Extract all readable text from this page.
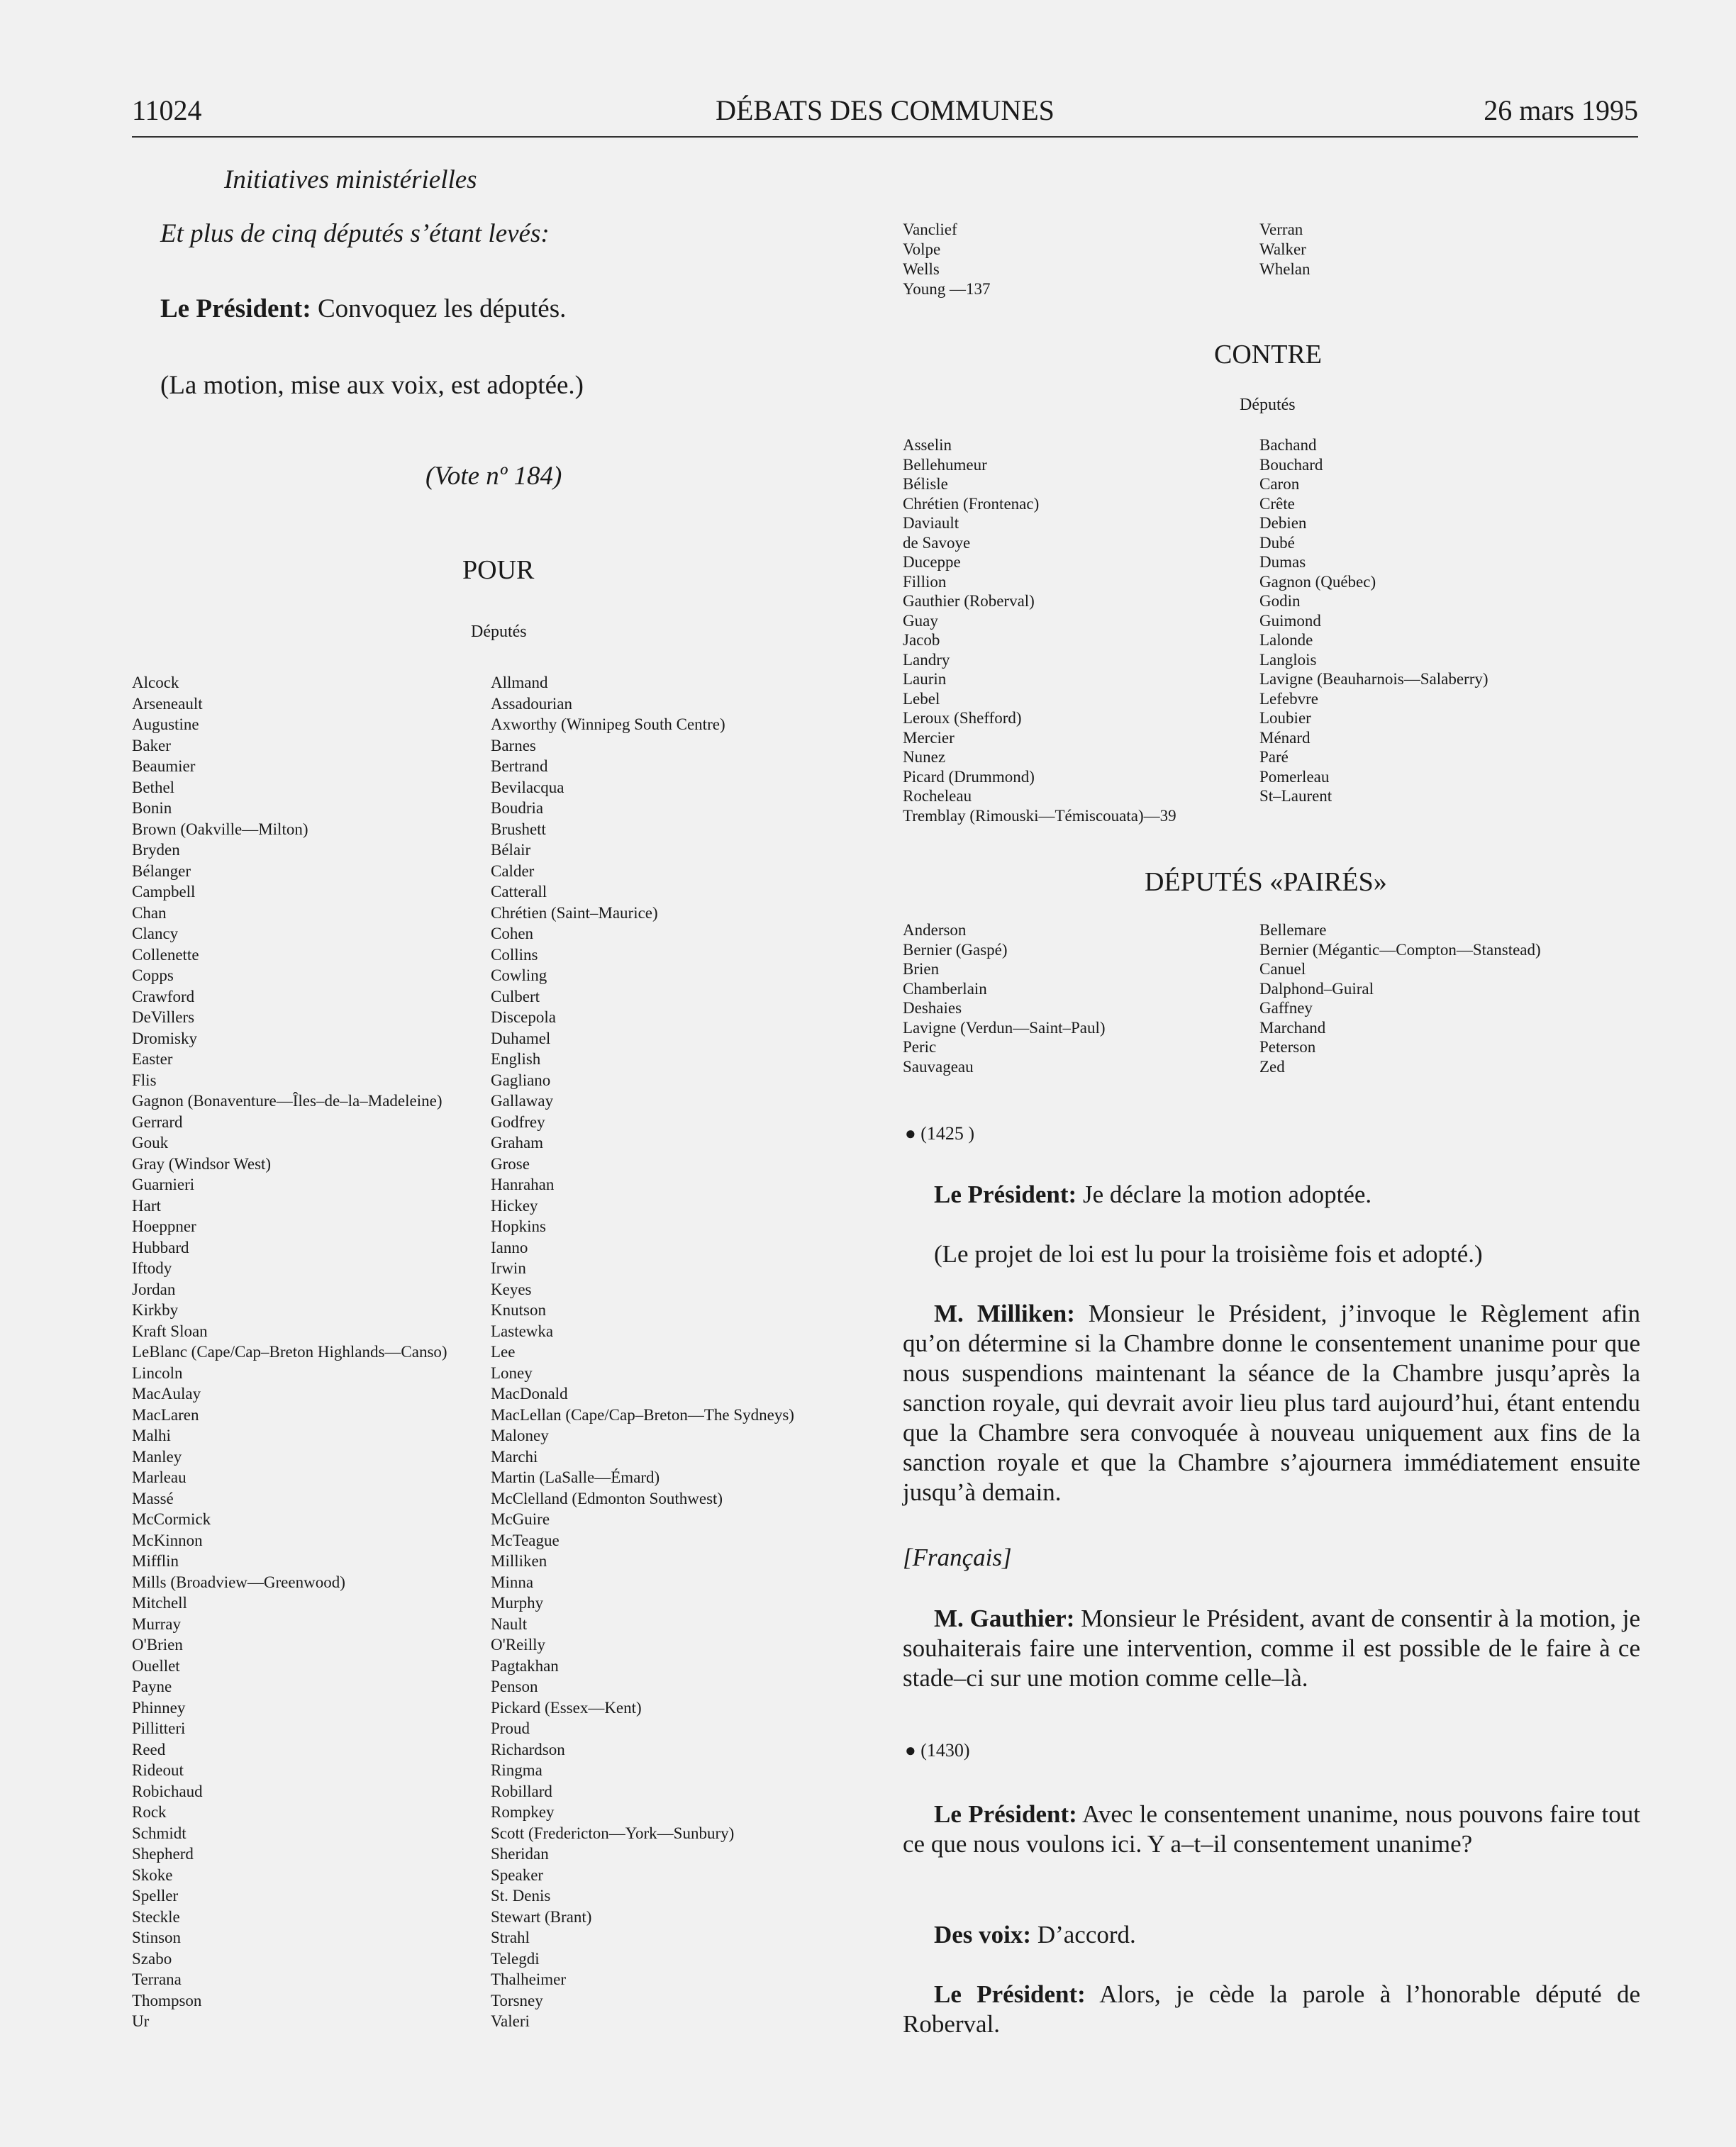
11024	DÉBATS DES COMMUNES	26 mars 1995
Initiatives ministérielles
Et plus de cinq députés s’étant levés:
Le Président: Convoquez les députés.
(La motion, mise aux voix, est adoptée.)
(Vote nº 184)
POUR
Députés
Alcock
Arseneault
Augustine
Baker
Beaumier
Bethel
Bonin
Brown (Oakville—Milton)
Bryden
Bélanger
Campbell
Chan
Clancy
Collenette
Copps
Crawford
DeVillers
Dromisky
Easter
Flis
Gagnon (Bonaventure—Îles–de–la–Madeleine)
Gerrard
Gouk
Gray (Windsor West)
Guarnieri
Hart
Hoeppner
Hubbard
Iftody
Jordan
Kirkby
Kraft Sloan
LeBlanc (Cape/Cap–Breton Highlands—Canso)
Lincoln
MacAulay
MacLaren
Malhi
Manley
Marleau
Massé
McCormick
McKinnon
Mifflin
Mills (Broadview—Greenwood)
Mitchell
Murray
O'Brien
Ouellet
Payne
Phinney
Pillitteri
Reed
Rideout
Robichaud
Rock
Schmidt
Shepherd
Skoke
Speller
Steckle
Stinson
Szabo
Terrana
Thompson
Ur
Allmand
Assadourian
Axworthy (Winnipeg South Centre)
Barnes
Bertrand
Bevilacqua
Boudria
Brushett
Bélair
Calder
Catterall
Chrétien (Saint–Maurice)
Cohen
Collins
Cowling
Culbert
Discepola
Duhamel
English
Gagliano
Gallaway
Godfrey
Graham
Grose
Hanrahan
Hickey
Hopkins
Ianno
Irwin
Keyes
Knutson
Lastewka
Lee
Loney
MacDonald
MacLellan (Cape/Cap–Breton—The Sydneys)
Maloney
Marchi
Martin (LaSalle—Émard)
McClelland (Edmonton Southwest)
McGuire
McTeague
Milliken
Minna
Murphy
Nault
O'Reilly
Pagtakhan
Penson
Pickard (Essex—Kent)
Proud
Richardson
Ringma
Robillard
Rompkey
Scott (Fredericton—York—Sunbury)
Sheridan
Speaker
St. Denis
Stewart (Brant)
Strahl
Telegdi
Thalheimer
Torsney
Valeri
Vanclief
Volpe
Wells
Young —137
Verran
Walker
Whelan
CONTRE
Députés
Asselin
Bellehumeur
Bélisle
Chrétien (Frontenac)
Daviault
de Savoye
Duceppe
Fillion
Gauthier (Roberval)
Guay
Jacob
Landry
Laurin
Lebel
Leroux (Shefford)
Mercier
Nunez
Picard (Drummond)
Rocheleau
Tremblay (Rimouski—Témiscouata)—39
Bachand
Bouchard
Caron
Crête
Debien
Dubé
Dumas
Gagnon (Québec)
Godin
Guimond
Lalonde
Langlois
Lavigne (Beauharnois—Salaberry)
Lefebvre
Loubier
Ménard
Paré
Pomerleau
St–Laurent
DÉPUTÉS «PAIRÉS»
Anderson
Bernier (Gaspé)
Brien
Chamberlain
Deshaies
Lavigne (Verdun—Saint–Paul)
Peric
Sauvageau
Bellemare
Bernier (Mégantic—Compton—Stanstead)
Canuel
Dalphond–Guiral
Gaffney
Marchand
Peterson
Zed
● (1425 )
Le Président: Je déclare la motion adoptée.
(Le projet de loi est lu pour la troisième fois et adopté.)
M. Milliken: Monsieur le Président, j’invoque le Règlement afin qu’on détermine si la Chambre donne le consentement unanime pour que nous suspendions maintenant la séance de la Chambre jusqu’après la sanction royale, qui devrait avoir lieu plus tard aujourd’hui, étant entendu que la Chambre sera convoquée à nouveau uniquement aux fins de la sanction royale et que la Chambre s’ajournera immédiatement ensuite jusqu’à demain.
[Français]
M. Gauthier: Monsieur le Président, avant de consentir à la motion, je souhaiterais faire une intervention, comme il est possible de le faire à ce stade–ci sur une motion comme celle–là.
● (1430)
Le Président: Avec le consentement unanime, nous pouvons faire tout ce que nous voulons ici. Y a–t–il consentement unanime?
Des voix: D’accord.
Le Président: Alors, je cède la parole à l’honorable député de Roberval.
